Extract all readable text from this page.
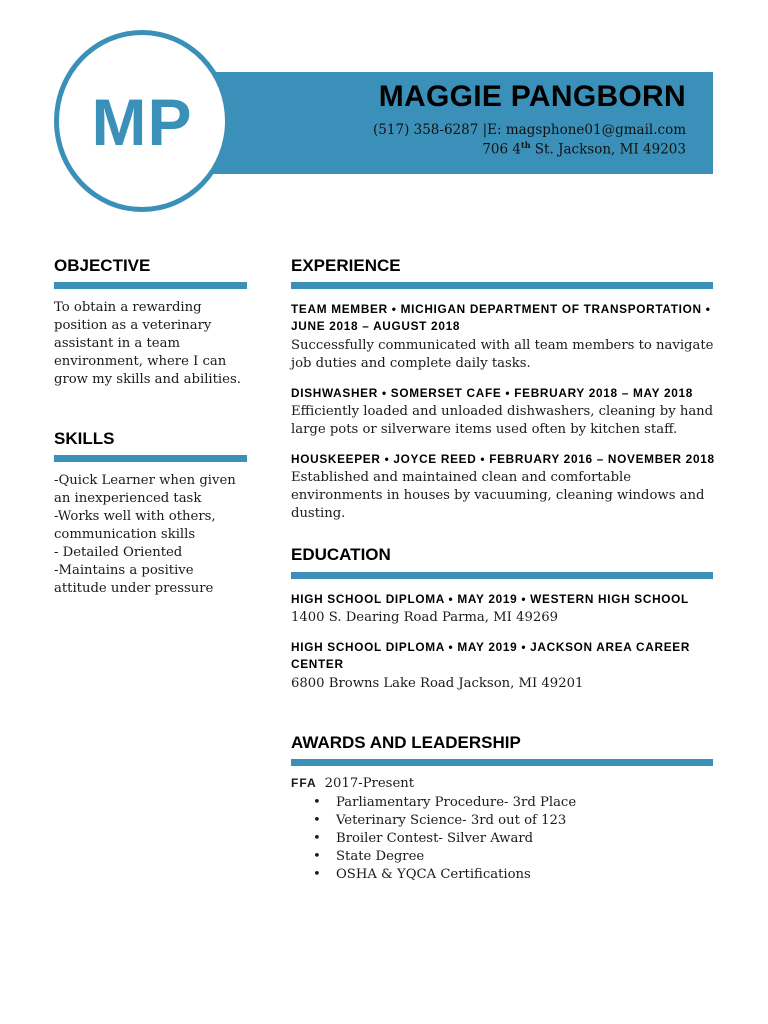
MP	MAGGIE PANGBORN
(517) 358-6287 |E: magsphone01@gmail.com
706 4th St. Jackson, MI 49203
OBJECTIVE
To obtain a rewarding position as a veterinary assistant in a team environment, where I can grow my skills and abilities.
SKILLS
-Quick Learner when given an inexperienced task
-Works well with others, communication skills
- Detailed Oriented
-Maintains a positive attitude under pressure
EXPERIENCE
TEAM MEMBER • MICHIGAN DEPARTMENT OF TRANSPORTATION • JUNE 2018 – AUGUST 2018
Successfully communicated with all team members to navigate job duties and complete daily tasks.
DISHWASHER • SOMERSET CAFE • FEBRUARY 2018 – MAY 2018
Efficiently loaded and unloaded dishwashers, cleaning by hand large pots or silverware items used often by kitchen staff.
HOUSKEEPER • JOYCE REED • FEBRUARY 2016 – NOVEMBER 2018
Established and maintained clean and comfortable environments in houses by vacuuming, cleaning windows and dusting.
EDUCATION
HIGH SCHOOL DIPLOMA • MAY 2019 • WESTERN HIGH SCHOOL
1400 S. Dearing Road Parma, MI 49269
HIGH SCHOOL DIPLOMA • MAY 2019 • JACKSON AREA CAREER CENTER
6800 Browns Lake Road Jackson, MI 49201
AWARDS AND LEADERSHIP
FFA 2017-Present
• Parliamentary Procedure- 3rd Place
• Veterinary Science- 3rd out of 123
• Broiler Contest- Silver Award
• State Degree
• OSHA & YQCA Certifications
